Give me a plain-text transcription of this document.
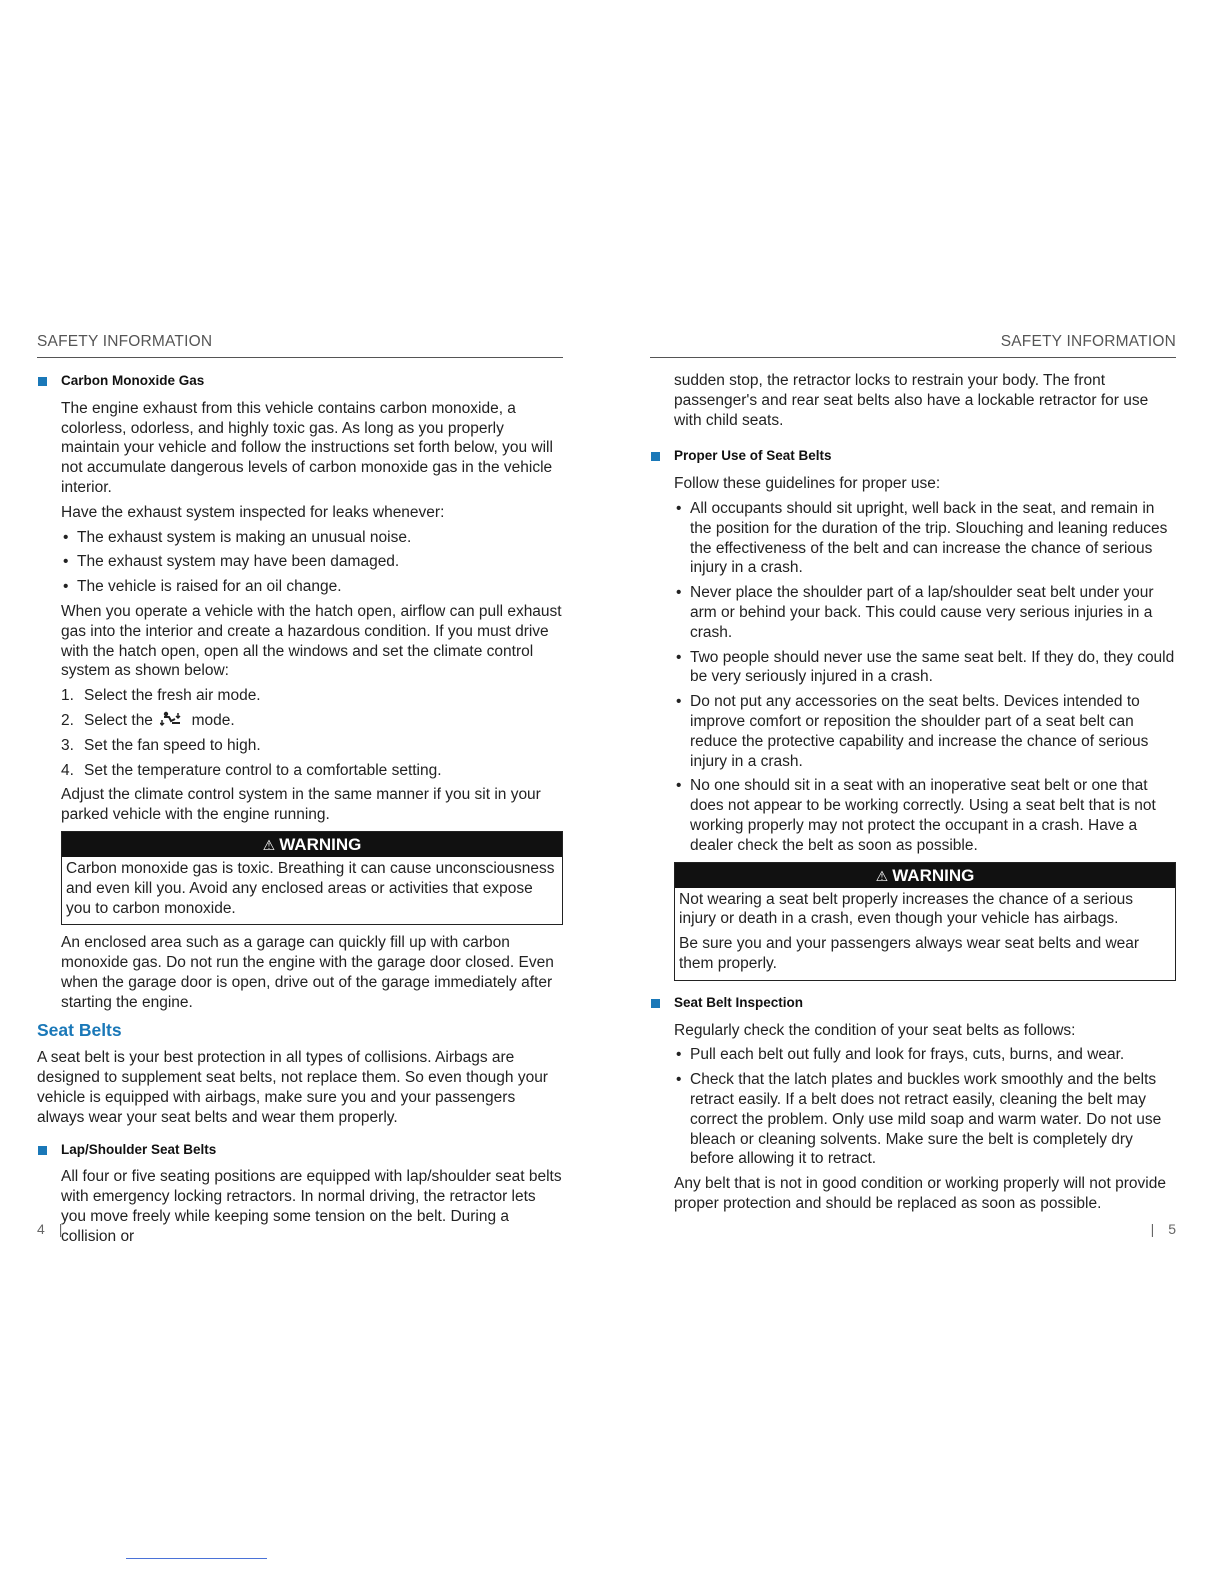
SAFETY INFORMATION
Carbon Monoxide Gas

The engine exhaust from this vehicle contains carbon monoxide, a colorless, odorless, and highly toxic gas. As long as you properly maintain your vehicle and follow the instructions set forth below, you will not accumulate dangerous levels of carbon monoxide gas in the vehicle interior.

Have the exhaust system inspected for leaks whenever:

• The exhaust system is making an unusual noise.
• The exhaust system may have been damaged.
• The vehicle is raised for an oil change.

When you operate a vehicle with the hatch open, airflow can pull exhaust gas into the interior and create a hazardous condition. If you must drive with the hatch open, open all the windows and set the climate control system as shown below:

1. Select the fresh air mode.
2. Select the mode.
3. Set the fan speed to high.
4. Set the temperature control to a comfortable setting.

Adjust the climate control system in the same manner if you sit in your parked vehicle with the engine running.

⚠ WARNING

Carbon monoxide gas is toxic. Breathing it can cause unconsciousness and even kill you. Avoid any enclosed areas or activities that expose you to carbon monoxide.

An enclosed area such as a garage can quickly fill up with carbon monoxide gas. Do not run the engine with the garage door closed. Even when the garage door is open, drive out of the garage immediately after starting the engine.

Seat Belts

A seat belt is your best protection in all types of collisions. Airbags are designed to supplement seat belts, not replace them. So even though your vehicle is equipped with airbags, make sure you and your passengers always wear your seat belts and wear them properly.

Lap/Shoulder Seat Belts

All four or five seating positions are equipped with lap/shoulder seat belts with emergency locking retractors. In normal driving, the retractor lets you move freely while keeping some tension on the belt. During a collision or

4 |
SAFETY INFORMATION

sudden stop, the retractor locks to restrain your body. The front passenger's and rear seat belts also have a lockable retractor for use with child seats.

Proper Use of Seat Belts

Follow these guidelines for proper use:

• All occupants should sit upright, well back in the seat, and remain in the position for the duration of the trip. Slouching and leaning reduces the effectiveness of the belt and can increase the chance of serious injury in a crash.
• Never place the shoulder part of a lap/shoulder seat belt under your arm or behind your back. This could cause very serious injuries in a crash.
• Two people should never use the same seat belt. If they do, they could be very seriously injured in a crash.
• Do not put any accessories on the seat belts. Devices intended to improve comfort or reposition the shoulder part of a seat belt can reduce the protective capability and increase the chance of serious injury in a crash.
• No one should sit in a seat with an inoperative seat belt or one that does not appear to be working correctly. Using a seat belt that is not working properly may not protect the occupant in a crash. Have a dealer check the belt as soon as possible.
⚠ WARNING

Not wearing a seat belt properly increases the chance of a serious injury or death in a crash, even though your vehicle has airbags.

Be sure you and your passengers always wear seat belts and wear them properly.

Seat Belt Inspection

Regularly check the condition of your seat belts as follows:

• Pull each belt out fully and look for frays, cuts, burns, and wear.
• Check that the latch plates and buckles work smoothly and the belts retract easily. If a belt does not retract easily, cleaning the belt may correct the problem. Only use mild soap and warm water. Do not use bleach or cleaning solvents. Make sure the belt is completely dry before allowing it to retract.

Any belt that is not in good condition or working properly will not provide proper protection and should be replaced as soon as possible.

| 5
